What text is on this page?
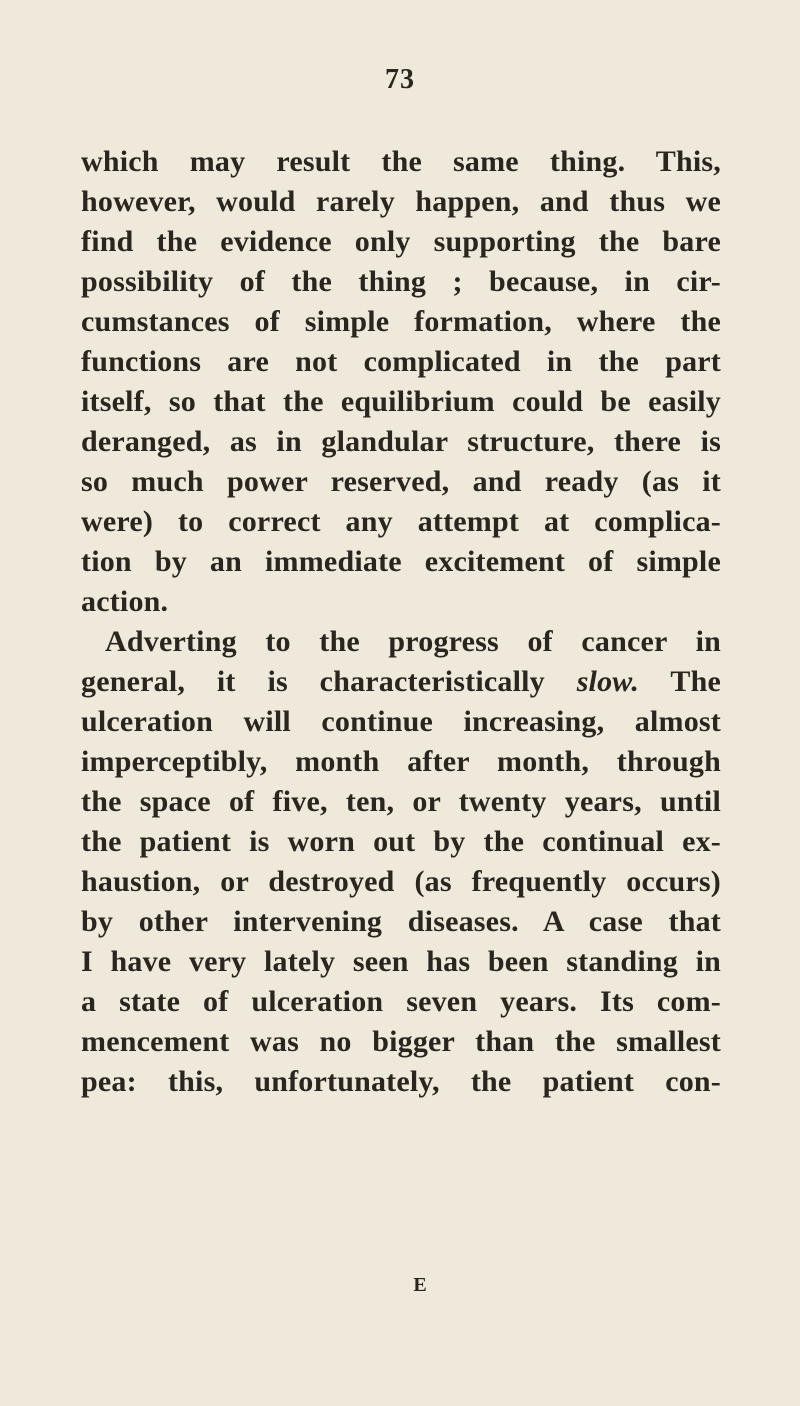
73
which may result the same thing. This,
however, would rarely happen, and thus we
find the evidence only supporting the bare
possibility of the thing ; because, in cir-
cumstances of simple formation, where the
functions are not complicated in the part
itself, so that the equilibrium could be easily
deranged, as in glandular structure, there is
so much power reserved, and ready (as it
were) to correct any attempt at complica-
tion by an immediate excitement of simple
action.
Adverting to the progress of cancer in
general, it is characteristically slow. The
ulceration will continue increasing, almost
imperceptibly, month after month, through
the space of five, ten, or twenty years, until
the patient is worn out by the continual ex-
haustion, or destroyed (as frequently occurs)
by other intervening diseases. A case that
I have very lately seen has been standing in
a state of ulceration seven years. Its com-
mencement was no bigger than the smallest
pea: this, unfortunately, the patient con-
E
